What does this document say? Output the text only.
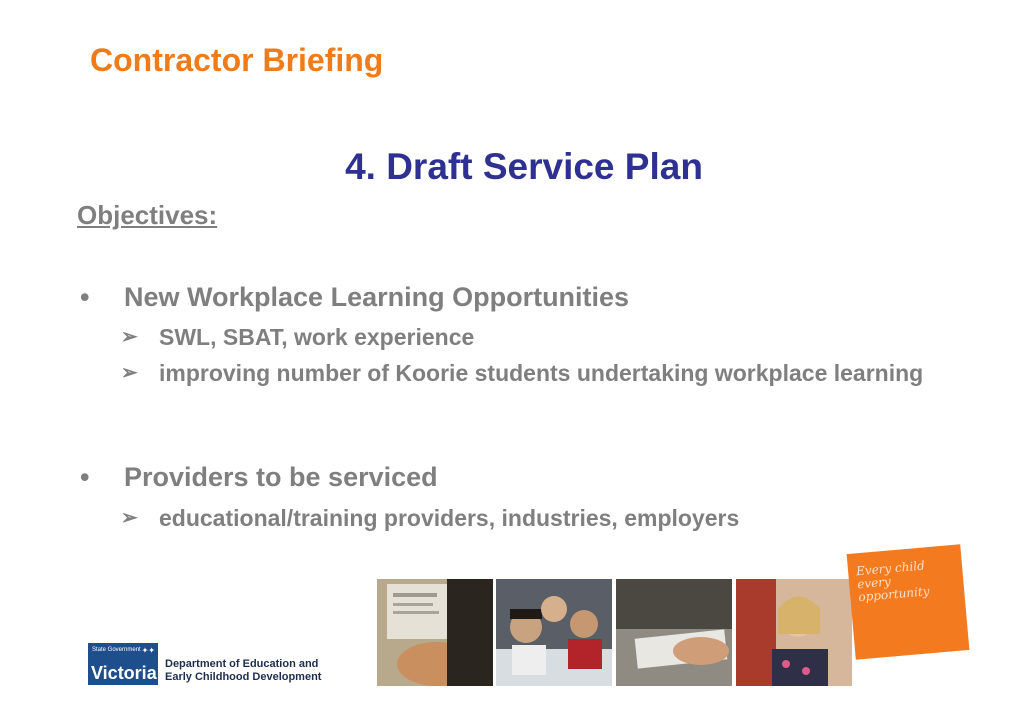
Contractor Briefing
4. Draft Service Plan
Objectives:
• New Workplace Learning Opportunities
➢ SWL, SBAT, work experience
➢ improving number of Koorie students undertaking workplace learning
• Providers to be serviced
➢ educational/training providers, industries, employers
Every child every opportunity
State Government ✦✦
Victoria Department of Education and
Early Childhood Development
